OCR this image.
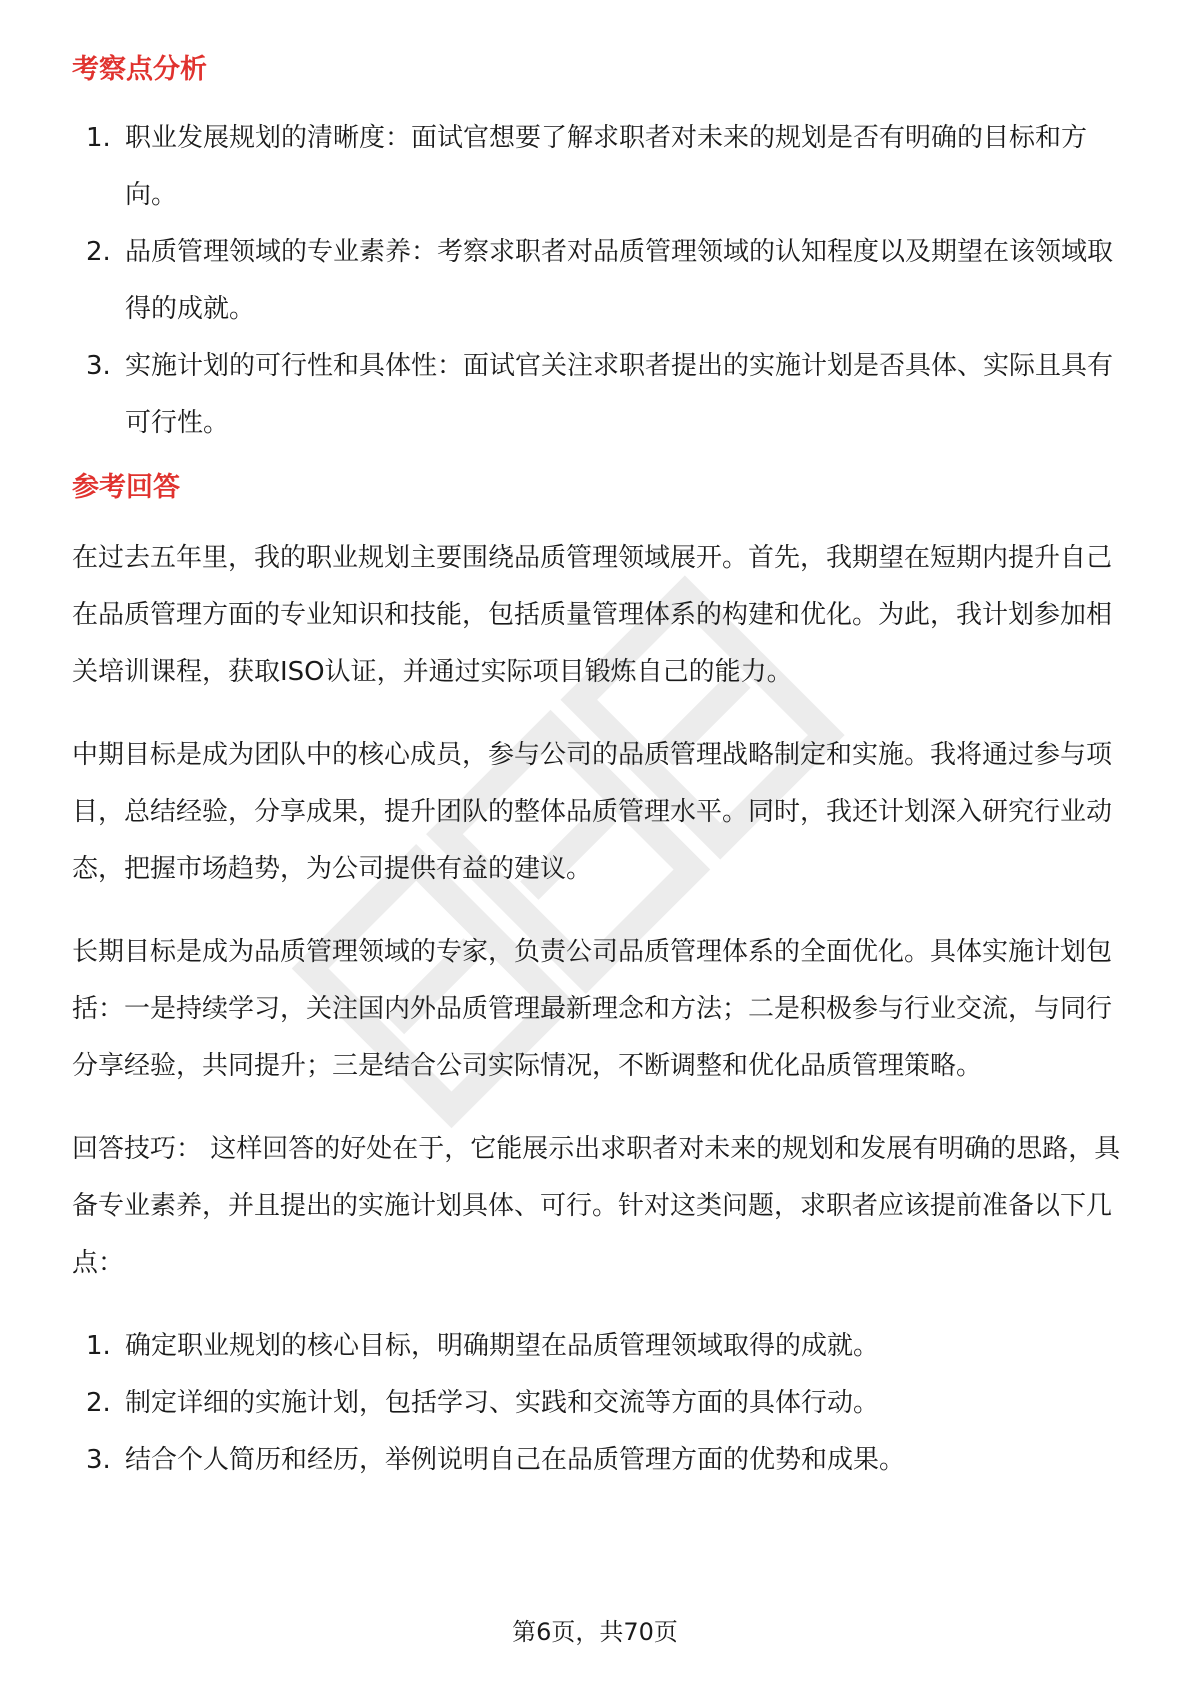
考察点分析
1. 职业发展规划的清晰度：面试官想要了解求职者对未来的规划是否有明确的目标和方向。
2. 品质管理领域的专业素养：考察求职者对品质管理领域的认知程度以及期望在该领域取得的成就。
3. 实施计划的可行性和具体性：面试官关注求职者提出的实施计划是否具体、实际且具有可行性。
参考回答

在过去五年里，我的职业规划主要围绕品质管理领域展开。首先，我期望在短期内提升自己在品质管理方面的专业知识和技能，包括质量管理体系的构建和优化。为此，我计划参加相关培训课程，获取ISO认证，并通过实际项目锻炼自己的能力。

中期目标是成为团队中的核心成员，参与公司的品质管理战略制定和实施。我将通过参与项目，总结经验，分享成果，提升团队的整体品质管理水平。同时，我还计划深入研究行业动态，把握市场趋势，为公司提供有益的建议。

长期目标是成为品质管理领域的专家，负责公司品质管理体系的全面优化。具体实施计划包括：一是持续学习，关注国内外品质管理最新理念和方法；二是积极参与行业交流，与同行分享经验，共同提升；三是结合公司实际情况，不断调整和优化品质管理策略。

回答技巧： 这样回答的好处在于，它能展示出求职者对未来的规划和发展有明确的思路，具备专业素养，并且提出的实施计划具体、可行。针对这类问题，求职者应该提前准备以下几点：

1. 确定职业规划的核心目标，明确期望在品质管理领域取得的成就。
2. 制定详细的实施计划，包括学习、实践和交流等方面的具体行动。
3. 结合个人简历和经历，举例说明自己在品质管理方面的优势和成果。
第6页，共70页
